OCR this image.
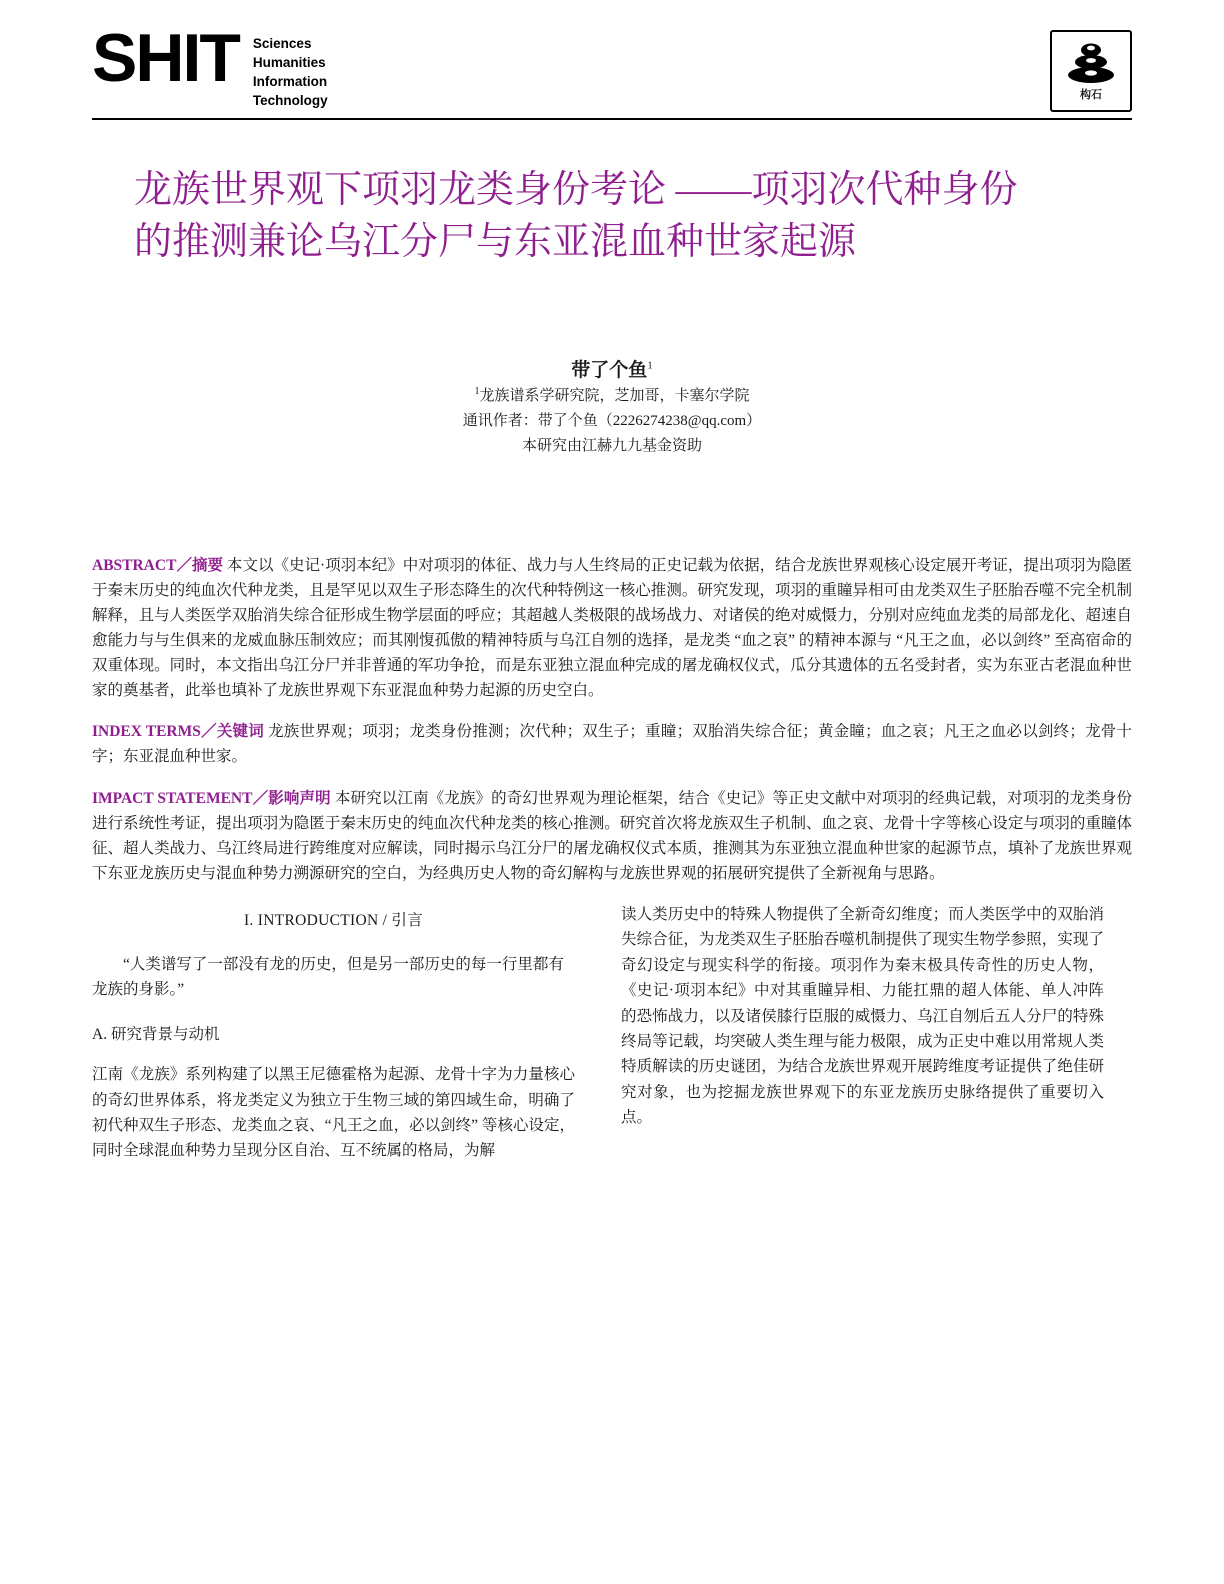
SHIT Sciences
Humanities
Information
Technology	构石
龙族世界观下项羽龙类身份考论 ——项羽次代种身份的推测兼论乌江分尸与东亚混血种世家起源
带了个鱼$^1$
$^1$龙族谱系学研究院，芝加哥，卡塞尔学院
通讯作者：带了个鱼（2226274238@qq.com）
本研究由江赫九九基金资助

ABSTRACT／摘要 本文以《史记·项羽本纪》中对项羽的体征、战力与人生终局的正史记载为依据，结合龙族世界观核心设定展开考证，提出项羽为隐匿于秦末历史的纯血次代种龙类，且是罕见以双生子形态降生的次代种特例这一核心推测。研究发现，项羽的重瞳异相可由龙类双生子胚胎吞噬不完全机制解释，且与人类医学双胎消失综合征形成生物学层面的呼应；其超越人类极限的战场战力、对诸侯的绝对威慑力，分别对应纯血龙类的局部龙化、超速自愈能力与与生俱来的龙威血脉压制效应；而其刚愎孤傲的精神特质与乌江自刎的选择，是龙类 “血之哀” 的精神本源与 “凡王之血，必以剑终” 至高宿命的双重体现。同时，本文指出乌江分尸并非普通的军功争抢，而是东亚独立混血种完成的屠龙确权仪式，瓜分其遗体的五名受封者，实为东亚古老混血种世家的奠基者，此举也填补了龙族世界观下东亚混血种势力起源的历史空白。

INDEX TERMS／关键词 龙族世界观；项羽；龙类身份推测；次代种；双生子；重瞳；双胎消失综合征；黄金瞳；血之哀；凡王之血必以剑终；龙骨十字；东亚混血种世家。

IMPACT STATEMENT／影响声明 本研究以江南《龙族》的奇幻世界观为理论框架，结合《史记》等正史文献中对项羽的经典记载，对项羽的龙类身份进行系统性考证，提出项羽为隐匿于秦末历史的纯血次代种龙类的核心推测。研究首次将龙族双生子机制、血之哀、龙骨十字等核心设定与项羽的重瞳体征、超人类战力、乌江终局进行跨维度对应解读，同时揭示乌江分尸的屠龙确权仪式本质，推测其为东亚独立混血种世家的起源节点，填补了龙族世界观下东亚龙族历史与混血种势力溯源研究的空白，为经典历史人物的奇幻解构与龙族世界观的拓展研究提供了全新视角与思路。

I. INTRODUCTION / 引言

“人类谱写了一部没有龙的历史，但是另一部历史的每一行里都有龙族的身影。”

A. 研究背景与动机

江南《龙族》系列构建了以黑王尼德霍格为起源、龙骨十字为力量核心的奇幻世界体系，将龙类定义为独立于生物三域的第四域生命，明确了初代种双生子形态、龙类血之哀、“凡王之血，必以剑终” 等核心设定，同时全球混血种势力呈现分区自治、互不统属的格局，为解

读人类历史中的特殊人物提供了全新奇幻维度；而人类医学中的双胎消失综合征，为龙类双生子胚胎吞噬机制提供了现实生物学参照，实现了奇幻设定与现实科学的衔接。项羽作为秦末极具传奇性的历史人物，《史记·项羽本纪》中对其重瞳异相、力能扛鼎的超人体能、单人冲阵的恐怖战力，以及诸侯膝行臣服的威慑力、乌江自刎后五人分尸的特殊终局等记载，均突破人类生理与能力极限，成为正史中难以用常规人类特质解读的历史谜团，为结合龙族世界观开展跨维度考证提供了绝佳研究对象，也为挖掘龙族世界观下的东亚龙族历史脉络提供了重要切入点。
